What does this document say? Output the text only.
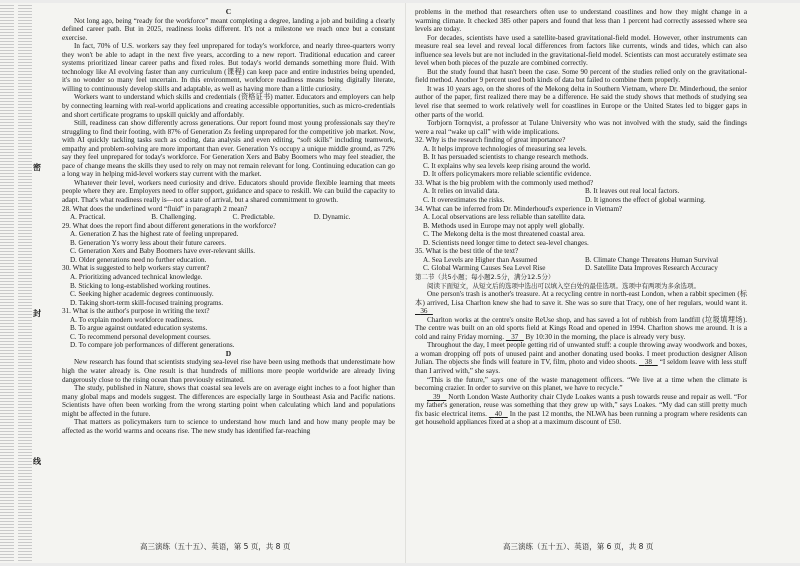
密
封
线
C

Not long ago, being “ready for the workforce” meant completing a degree, landing a job and building a clearly defined career path. But in 2025, readiness looks different. It's not a milestone we reach once but a constant exercise.

In fact, 70% of U.S. workers say they feel unprepared for today's workforce, and nearly three-quarters worry they won't be able to adapt in the next five years, according to a new report. Traditional education and career systems prioritized linear career paths and fixed roles. But today's world demands something more fluid. With technology like AI evolving faster than any curriculum (课程) can keep pace and entire industries being upended, it's no wonder so many feel uncertain. In this environment, workforce readiness means being digitally literate, willing to continuously develop skills and adaptable, as well as having more than a little curiosity.

Workers want to understand which skills and credentials (资格证书) matter. Educators and employers can help by connecting learning with real-world applications and creating accessible opportunities, such as micro-credentials and short certificate programs to upskill quickly and affordably.

Still, readiness can show differently across generations. Our report found most young professionals say they're struggling to find their footing, with 87% of Generation Zs feeling unprepared for the competitive job market. Now, with AI quickly tackling tasks such as coding, data analysis and even editing, “soft skills” including teamwork, empathy and problem-solving are more important than ever. Generation Ys occupy a unique middle ground, as 72% say they feel unprepared for today's workforce. For Generation Xers and Baby Boomers who may feel steadier, the pace of change means the skills they used to rely on may not remain relevant for long. Continuing education can go a long way in helping mid-level workers stay current with the market.

Whatever their level, workers need curiosity and drive. Educators should provide flexible learning that meets people where they are. Employers need to offer support, guidance and space to reskill. We can build the capacity to adapt. That's what readiness really is—not a state of arrival, but a shared commitment to growth.

28. What does the underlined word “fluid” in paragraph 2 mean?
A. Practical.	B. Challenging.	C. Predictable.	D. Dynamic.
29. What does the report find about different generations in the workforce?
A. Generation Z has the highest rate of feeling unprepared.
B. Generation Ys worry less about their future careers.
C. Generation Xers and Baby Boomers have ever-relevant skills.
D. Older generations need no further education.
30. What is suggested to help workers stay current?
A. Prioritizing advanced technical knowledge.
B. Sticking to long-established working routines.
C. Seeking higher academic degrees continuously.
D. Taking short-term skill-focused training programs.
31. What is the author's purpose in writing the text?
A. To explain modern workforce readiness.
B. To argue against outdated education systems.
C. To recommend personal development courses.
D. To compare job performances of different generations.
D

New research has found that scientists studying sea-level rise have been using methods that underestimate how high the water already is. One result is that hundreds of millions more people worldwide are already living dangerously close to the rising ocean than previously estimated.

The study, published in Nature, shows that coastal sea levels are on average eight inches to a foot higher than many global maps and models suggest. The differences are especially large in Southeast Asia and Pacific nations. Scientists have often been working from the wrong starting point when calculating which land and populations might be affected in the future.

That matters as policymakers turn to science to understand how much land and how many people may be affected as the world warms and oceans rise. The new study has identified far-reaching

高三演练（五十五）、英语，第 5 页，共 8 页

problems in the method that researchers often use to understand coastlines and how they might change in a warming climate. It checked 385 other papers and found that less than 1 percent had correctly assessed where sea levels are today.

For decades, scientists have used a satellite-based gravitational-field model. However, other instruments can measure real sea level and reveal local differences from factors like currents, winds and tides, which can also influence sea levels but are not included in the gravitational-field model. Scientists can most accurately estimate sea level when both pieces of the puzzle are combined correctly.

But the study found that hasn't been the case. Some 90 percent of the studies relied only on the gravitational-field method. Another 9 percent used both kinds of data but failed to combine them properly.

It was 10 years ago, on the shores of the Mekong delta in Southern Vietnam, where Dr. Minderhoud, the senior author of the paper, first realized there may be a difference. He said the study shows that methods of studying sea level rise that seemed to work relatively well for coastlines in Europe or the United States led to bigger gaps in other parts of the world.

Torbjorn Tornqvist, a professor at Tulane University who was not involved with the study, said the findings were a real “wake up call” with wide implications.

32. Why is the research finding of great importance?
A. It helps improve technologies of measuring sea levels.
B. It has persuaded scientists to change research methods.
C. It explains why sea levels keep rising around the world.
D. It offers policymakers more reliable scientific evidence.
33. What is the big problem with the commonly used method?
A. It relies on invalid data.	B. It leaves out real local factors.
C. It overestimates the risks.	D. It ignores the effect of global warming.
34. What can be inferred from Dr. Minderhoud's experience in Vietnam?
A. Local observations are less reliable than satellite data.
B. Methods used in Europe may not apply well globally.
C. The Mekong delta is the most threatened coastal area.
D. Scientists need longer time to detect sea-level changes.
35. What is the best title of the text?
A. Sea Levels are Higher than Assumed	B. Climate Change Threatens Human Survival
C. Global Warming Causes Sea Level Rise	D. Satellite Data Improves Research Accuracy
第二节（共5小题；每小题2.5分，满分12.5分）

阅读下面短文，从短文后的选项中选出可以填入空白处的最佳选项。选项中有两项为多余选项。

One person's trash is another's treasure. At a recycling centre in north-east London, when a rabbit specimen (标本) arrived, Lisa Charlton knew she had to save it. She was so sure that Tracy, one of her regulars, would want it.    36

Charlton works at the centre's onsite ReUse shop, and has saved a lot of rubbish from landfill (垃圾填埋场). The centre was built on an old sports field at Kings Road and opened in 1994. Charlton shows me around. It is a cold and rainy Friday morning. 37 By 10:30 in the morning, the place is already very busy.

Throughout the day, I meet people getting rid of unwanted stuff: a couple throwing away woodwork and boxes, a woman dropping off pots of unused paint and another donating used books. I meet production designer Alison Julian. The objects she finds will feature in TV, film, photo and video shoots. 38 “I seldom leave with less stuff than I arrived with,” she says.

“This is the future,” says one of the waste management officers. “We live at a time when the climate is becoming crazier. In order to survive on this planet, we have to recycle.”

39 North London Waste Authority chair Clyde Loakes wants a push towards reuse and repair as well. “For my father's generation, reuse was something that they grew up with,” says Loakes. “My dad can still pretty much fix basic electrical items. 40 In the past 12 months, the NLWA has been running a program where residents can get household appliances fixed at a shop at a maximum discount of £50.

高三演练（五十五）、英语，第 6 页，共 8 页
